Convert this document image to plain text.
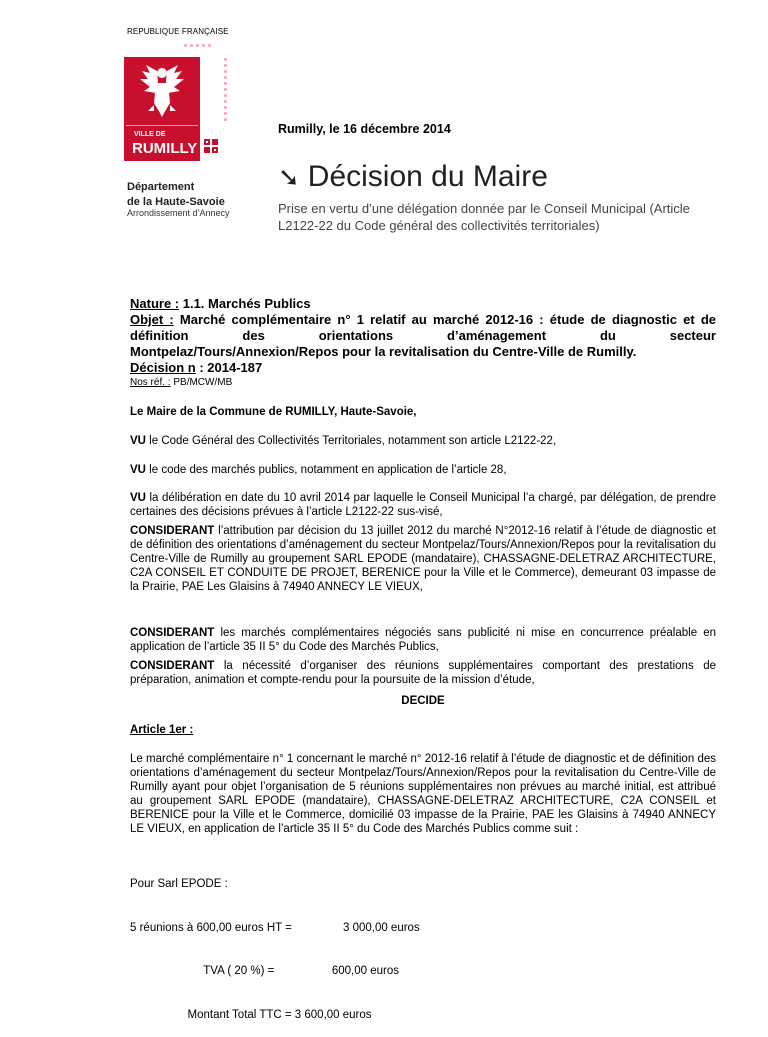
REPUBLIQUE FRANÇAISE
VILLE DE
RUMILLY
Département
de la Haute-Savoie
Arrondissement d’Annecy
Rumilly, le 16 décembre 2014
➘ Décision du Maire
Prise en vertu d’une délégation donnée par le Conseil Municipal (Article L2122-22 du Code général des collectivités territoriales)
Nature : 1.1. Marchés Publics
Objet : Marché complémentaire n° 1 relatif au marché 2012-16 : étude de diagnostic et de définition des orientations d’aménagement du secteur
Montpelaz/Tours/Annexion/Repos pour la revitalisation du Centre-Ville de Rumilly.
Décision n : 2014-187
Nos réf. : PB/MCW/MB
Le Maire de la Commune de RUMILLY, Haute-Savoie,

VU le Code Général des Collectivités Territoriales, notamment son article L2122-22,

VU le code des marchés publics, notamment en application de l’article 28,

VU la délibération en date du 10 avril 2014 par laquelle le Conseil Municipal l’a chargé, par délégation, de prendre certaines des décisions prévues à l’article L2122-22 sus-visé,

CONSIDERANT l’attribution par décision du 13 juillet 2012 du marché N°2012-16 relatif à l’étude de diagnostic et de définition des orientations d’aménagement du secteur Montpelaz/Tours/Annexion/Repos pour la revitalisation du Centre-Ville de Rumilly au groupement SARL EPODE (mandataire), CHASSAGNE-DELETRAZ ARCHITECTURE, C2A CONSEIL ET CONDUITE DE PROJET, BERENICE pour la Ville et le Commerce), demeurant 03 impasse de la Prairie, PAE Les Glaisins à 74940 ANNECY LE VIEUX,

CONSIDERANT les marchés complémentaires négociés sans publicité ni mise en concurrence préalable en application de l’article 35 II 5° du Code des Marchés Publics,

CONSIDERANT la nécessité d’organiser des réunions supplémentaires comportant des prestations de préparation, animation et compte-rendu pour la poursuite de la mission d’étude,

DECIDE
Article 1er :

Le marché complémentaire n° 1 concernant le marché n° 2012-16 relatif à l’étude de diagnostic et de définition des orientations d’aménagement du secteur Montpelaz/Tours/Annexion/Repos pour la revitalisation du Centre-Ville de Rumilly ayant pour objet l’organisation de 5 réunions supplémentaires non prévues au marché initial, est attribué au groupement SARL EPODE (mandataire), CHASSAGNE-DELETRAZ ARCHITECTURE, C2A CONSEIL et BERENICE pour la Ville et le Commerce, domicilié 03 impasse de la Prairie, PAE les Glaisins à 74940 ANNECY LE VIEUX, en application de l’article 35 II 5° du Code des Marchés Publics comme suit :

Pour Sarl EPODE :

5 réunions à 600,00 euros HT =                3 000,00 euros

TVA ( 20 %) =                  600,00 euros

Montant Total TTC = 3 600,00 euros
